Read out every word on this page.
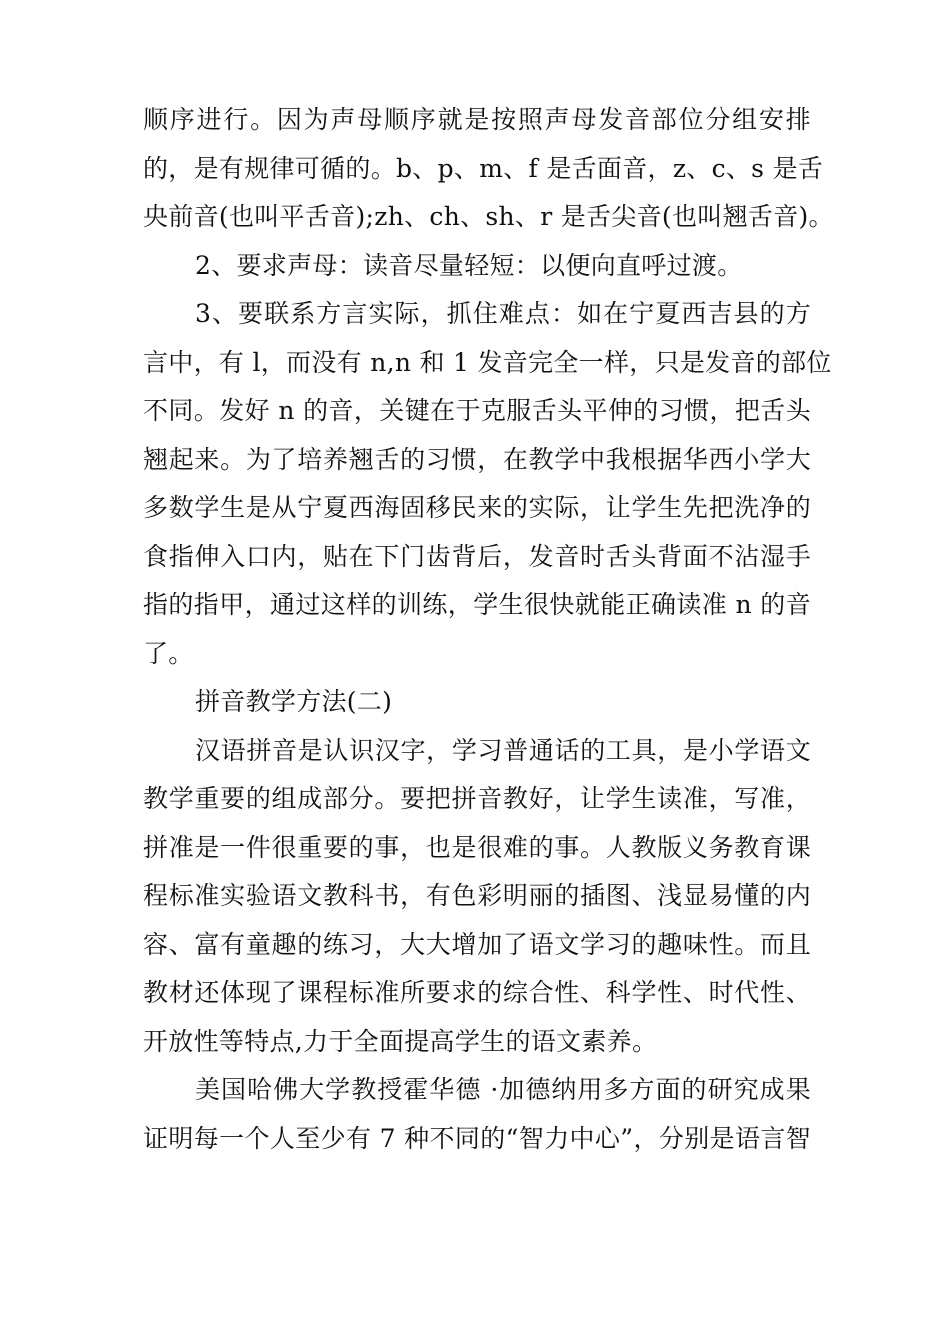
顺序进行。因为声母顺序就是按照声母发音部位分组安排
的，是有规律可循的。b、p、m、f 是舌面音，z、c、s 是舌
央前音(也叫平舌音);zh、ch、sh、r 是舌尖音(也叫翘舌音)。

2、要求声母：读音尽量轻短：以便向直呼过渡。

3、要联系方言实际，抓住难点：如在宁夏西吉县的方
言中，有 l，而没有 n,n 和 1 发音完全一样，只是发音的部位
不同。发好 n 的音，关键在于克服舌头平伸的习惯，把舌头
翘起来。为了培养翘舌的习惯，在教学中我根据华西小学大
多数学生是从宁夏西海固移民来的实际，让学生先把洗净的
食指伸入口内，贴在下门齿背后，发音时舌头背面不沾湿手
指的指甲，通过这样的训练，学生很快就能正确读准 n 的音
了。

拼音教学方法(二)

汉语拼音是认识汉字，学习普通话的工具，是小学语文
教学重要的组成部分。要把拼音教好，让学生读准，写准，
拼准是一件很重要的事，也是很难的事。人教版义务教育课
程标准实验语文教科书，有色彩明丽的插图、浅显易懂的内
容、富有童趣的练习，大大增加了语文学习的趣味性。而且
教材还体现了课程标准所要求的综合性、科学性、时代性、
开放性等特点,力于全面提高学生的语文素养。

美国哈佛大学教授霍华德 ·加德纳用多方面的研究成果
证明每一个人至少有 7 种不同的“智力中心”，分别是语言智
